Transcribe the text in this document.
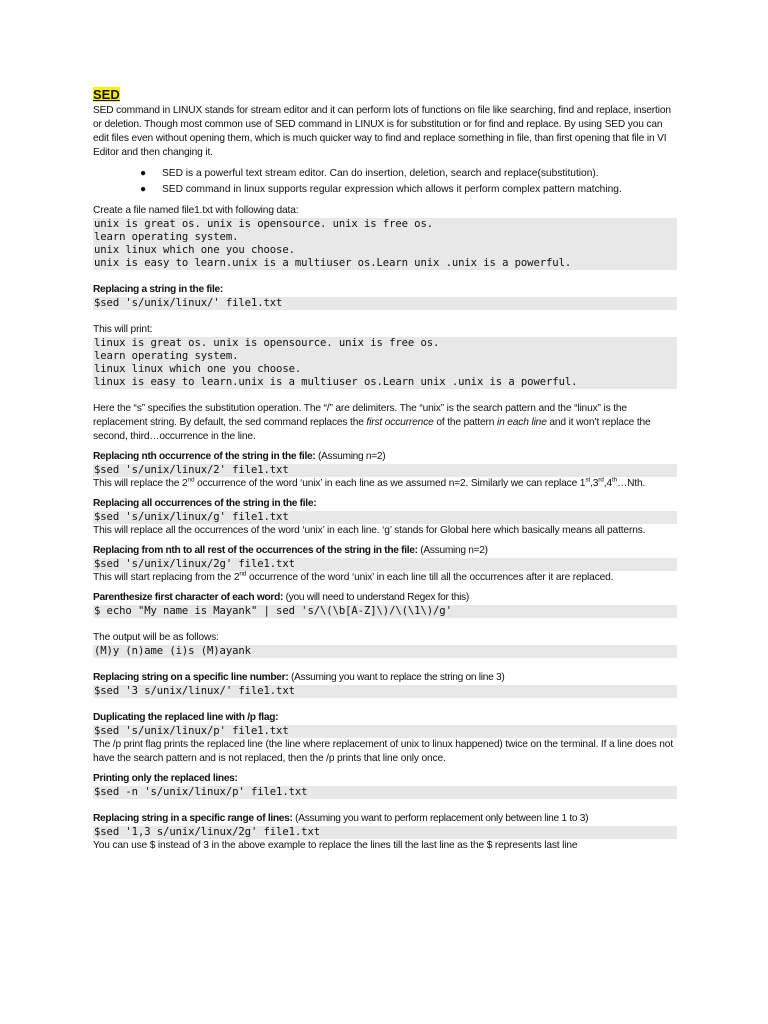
SED

SED command in LINUX stands for stream editor and it can perform lots of functions on file like searching, find and replace, insertion or deletion. Though most common use of SED command in LINUX is for substitution or for find and replace. By using SED you can edit files even without opening them, which is much quicker way to find and replace something in file, than first opening that file in VI Editor and then changing it.

● SED is a powerful text stream editor. Can do insertion, deletion, search and replace(substitution).
● SED command in linux supports regular expression which allows it perform complex pattern matching.

Create a file named file1.txt with following data:

unix is great os. unix is opensource. unix is free os.
learn operating system.
unix linux which one you choose.
unix is easy to learn.unix is a multiuser os.Learn unix .unix is a powerful.

Replacing a string in the file:

$sed 's/unix/linux/' file1.txt

This will print:

linux is great os. unix is opensource. unix is free os.
learn operating system.
linux linux which one you choose.
linux is easy to learn.unix is a multiuser os.Learn unix .unix is a powerful.

Here the “s” specifies the substitution operation. The “/” are delimiters. The “unix” is the search pattern and the “linux” is the replacement string. By default, the sed command replaces the first occurrence of the pattern in each line and it won’t replace the second, third…occurrence in the line.

Replacing nth occurrence of the string in the file: (Assuming n=2)

$sed 's/unix/linux/2' file1.txt

This will replace the 2nd occurrence of the word ‘unix’ in each line as we assumed n=2. Similarly we can replace 1st,3rd,4th…Nth.

Replacing all occurrences of the string in the file:

$sed 's/unix/linux/g' file1.txt

This will replace all the occurrences of the word ‘unix’ in each line. ‘g’ stands for Global here which basically means all patterns.

Replacing from nth to all rest of the occurrences of the string in the file: (Assuming n=2)

$sed 's/unix/linux/2g' file1.txt

This will start replacing from the 2nd occurrence of the word ‘unix’ in each line till all the occurrences after it are replaced.

Parenthesize first character of each word: (you will need to understand Regex for this)

$ echo "My name is Mayank" | sed 's/\(\b[A-Z]\)/\(\1\)/g'

The output will be as follows:

(M)y (n)ame (i)s (M)ayank

Replacing string on a specific line number: (Assuming you want to replace the string on line 3)

$sed '3 s/unix/linux/' file1.txt

Duplicating the replaced line with /p flag:

$sed 's/unix/linux/p' file1.txt

The /p print flag prints the replaced line (the line where replacement of unix to linux happened) twice on the terminal. If a line does not have the search pattern and is not replaced, then the /p prints that line only once.

Printing only the replaced lines:

$sed -n 's/unix/linux/p' file1.txt

Replacing string in a specific range of lines: (Assuming you want to perform replacement only between line 1 to 3)

$sed '1,3 s/unix/linux/2g' file1.txt

You can use $ instead of 3 in the above example to replace the lines till the last line as the $ represents last line
